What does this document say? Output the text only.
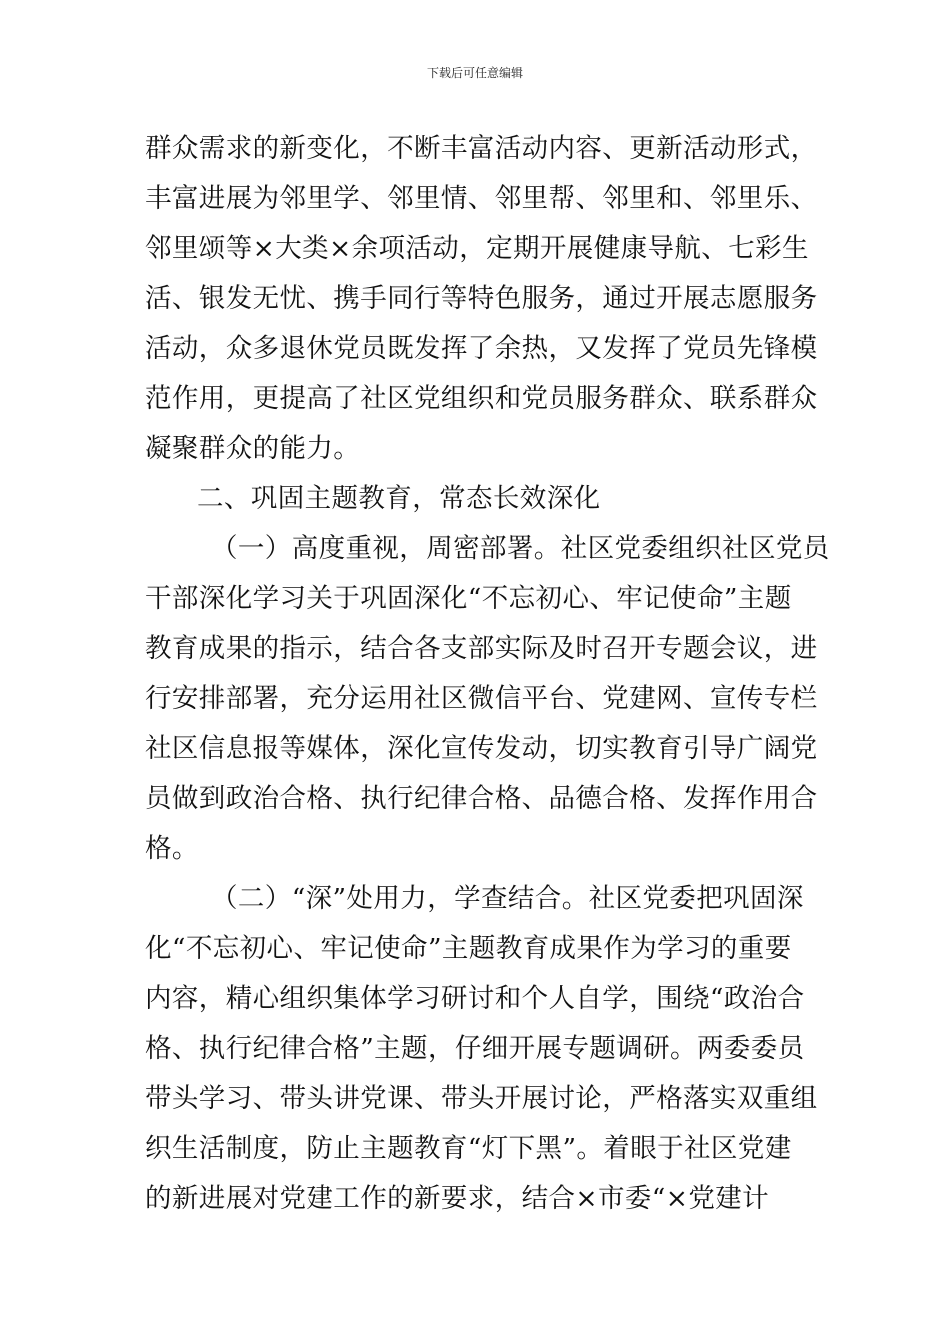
下载后可任意编辑
群众需求的新变化，不断丰富活动内容、更新活动形式，
丰富进展为邻里学、邻里情、邻里帮、邻里和、邻里乐、
邻里颂等×大类×余项活动，定期开展健康导航、七彩生
活、银发无忧、携手同行等特色服务，通过开展志愿服务
活动，众多退休党员既发挥了余热，又发挥了党员先锋模
范作用，更提高了社区党组织和党员服务群众、联系群众
凝聚群众的能力。
二、巩固主题教育，常态长效深化
（一）高度重视，周密部署。社区党委组织社区党员
干部深化学习关于巩固深化“不忘初心、牢记使命”主题
教育成果的指示，结合各支部实际及时召开专题会议，进
行安排部署，充分运用社区微信平台、党建网、宣传专栏
社区信息报等媒体，深化宣传发动，切实教育引导广阔党
员做到政治合格、执行纪律合格、品德合格、发挥作用合
格。
（二）“深”处用力，学查结合。社区党委把巩固深
化“不忘初心、牢记使命”主题教育成果作为学习的重要
内容，精心组织集体学习研讨和个人自学，围绕“政治合
格、执行纪律合格”主题，仔细开展专题调研。两委委员
带头学习、带头讲党课、带头开展讨论，严格落实双重组
织生活制度，防止主题教育“灯下黑”。着眼于社区党建
的新进展对党建工作的新要求，结合×市委“×党建计
